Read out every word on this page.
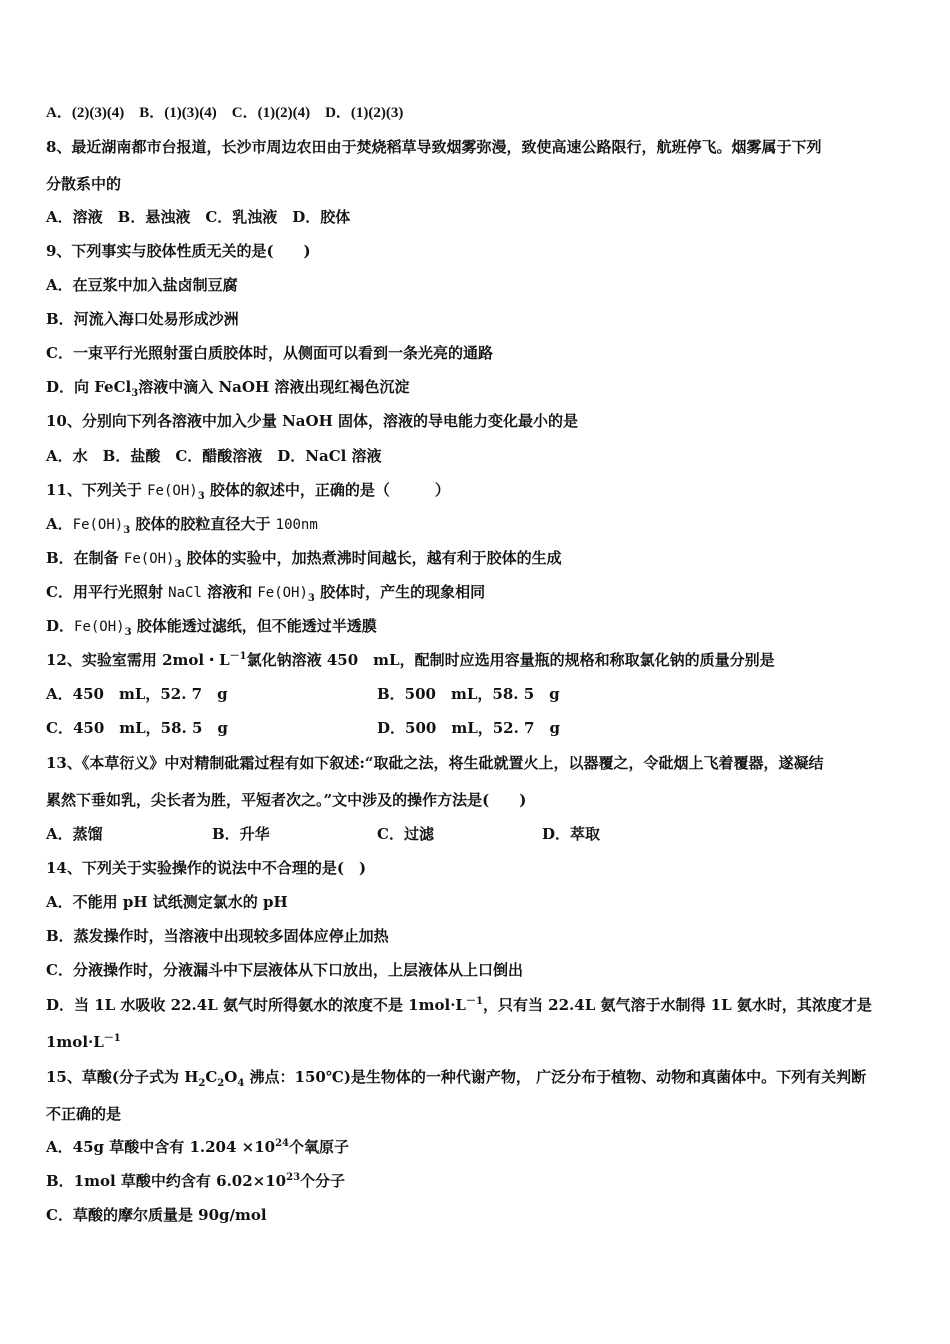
A．(2)(3)(4)　B．(1)(3)(4)　C．(1)(2)(4)　D．(1)(2)(3)
8、最近湖南都市台报道，长沙市周边农田由于焚烧稻草导致烟雾弥漫，致使高速公路限行，航班停飞。烟雾属于下列
分散系中的
A．溶液　B．悬浊液　C．乳浊液　D．胶体
9、下列事实与胶体性质无关的是(　　)
A．在豆浆中加入盐卤制豆腐
B．河流入海口处易形成沙洲
C．一束平行光照射蛋白质胶体时，从侧面可以看到一条光亮的通路
D．向 FeCl$_3$溶液中滴入 NaOH 溶液出现红褐色沉淀
10、分别向下列各溶液中加入少量 NaOH 固体，溶液的导电能力变化最小的是
A．水　B．盐酸　C．醋酸溶液　D．NaCl 溶液
11、下列关于 $Fe(OH)_3$ 胶体的叙述中，正确的是（　　　）
A．$Fe(OH)_3$ 胶体的胶粒直径大于 100nm
B．在制备 $Fe(OH)_3$ 胶体的实验中，加热煮沸时间越长，越有利于胶体的生成
C．用平行光照射 NaCl 溶液和 $Fe(OH)_3$ 胶体时，产生的现象相同
D．$Fe(OH)_3$ 胶体能透过滤纸，但不能透过半透膜
12、实验室需用 2mol・$L^{-1}$氯化钠溶液 450　mL，配制时应选用容量瓶的规格和称取氯化钠的质量分别是
A．450　mL，52. 7　g	B．500　mL，58. 5　g
C．450　mL，58. 5　g	D．500　mL，52. 7　g
13、《本草衍义》中对精制砒霜过程有如下叙述:“取砒之法，将生砒就置火上，以器覆之，令砒烟上飞着覆器，遂凝结
累然下垂如乳，尖长者为胜，平短者次之。”文中涉及的操作方法是(　　)
A．蒸馏	B．升华	C．过滤	D．萃取
14、下列关于实验操作的说法中不合理的是(　)
A．不能用 pH 试纸测定氯水的 pH
B．蒸发操作时，当溶液中出现较多固体应停止加热
C．分液操作时，分液漏斗中下层液体从下口放出，上层液体从上口倒出
D．当 1L 水吸收 22.4L 氨气时所得氨水的浓度不是 $1mol\cdot L^{-1}$，只有当 22.4L 氨气溶于水制得 1L 氨水时，其浓度才是
$1mol\cdot L^{-1}$
15、草酸(分子式为 $H_2C_2O_4$ 沸点：150℃)是生物体的一种代谢产物， 广泛分布于植物、动物和真菌体中。下列有关判断
不正确的是
A．45g 草酸中含有 $1.204 \times 10^{24}$个氧原子
B．1mol 草酸中约含有 $6.02\times 10^{23}$个分子
C．草酸的摩尔质量是 90g/mol
